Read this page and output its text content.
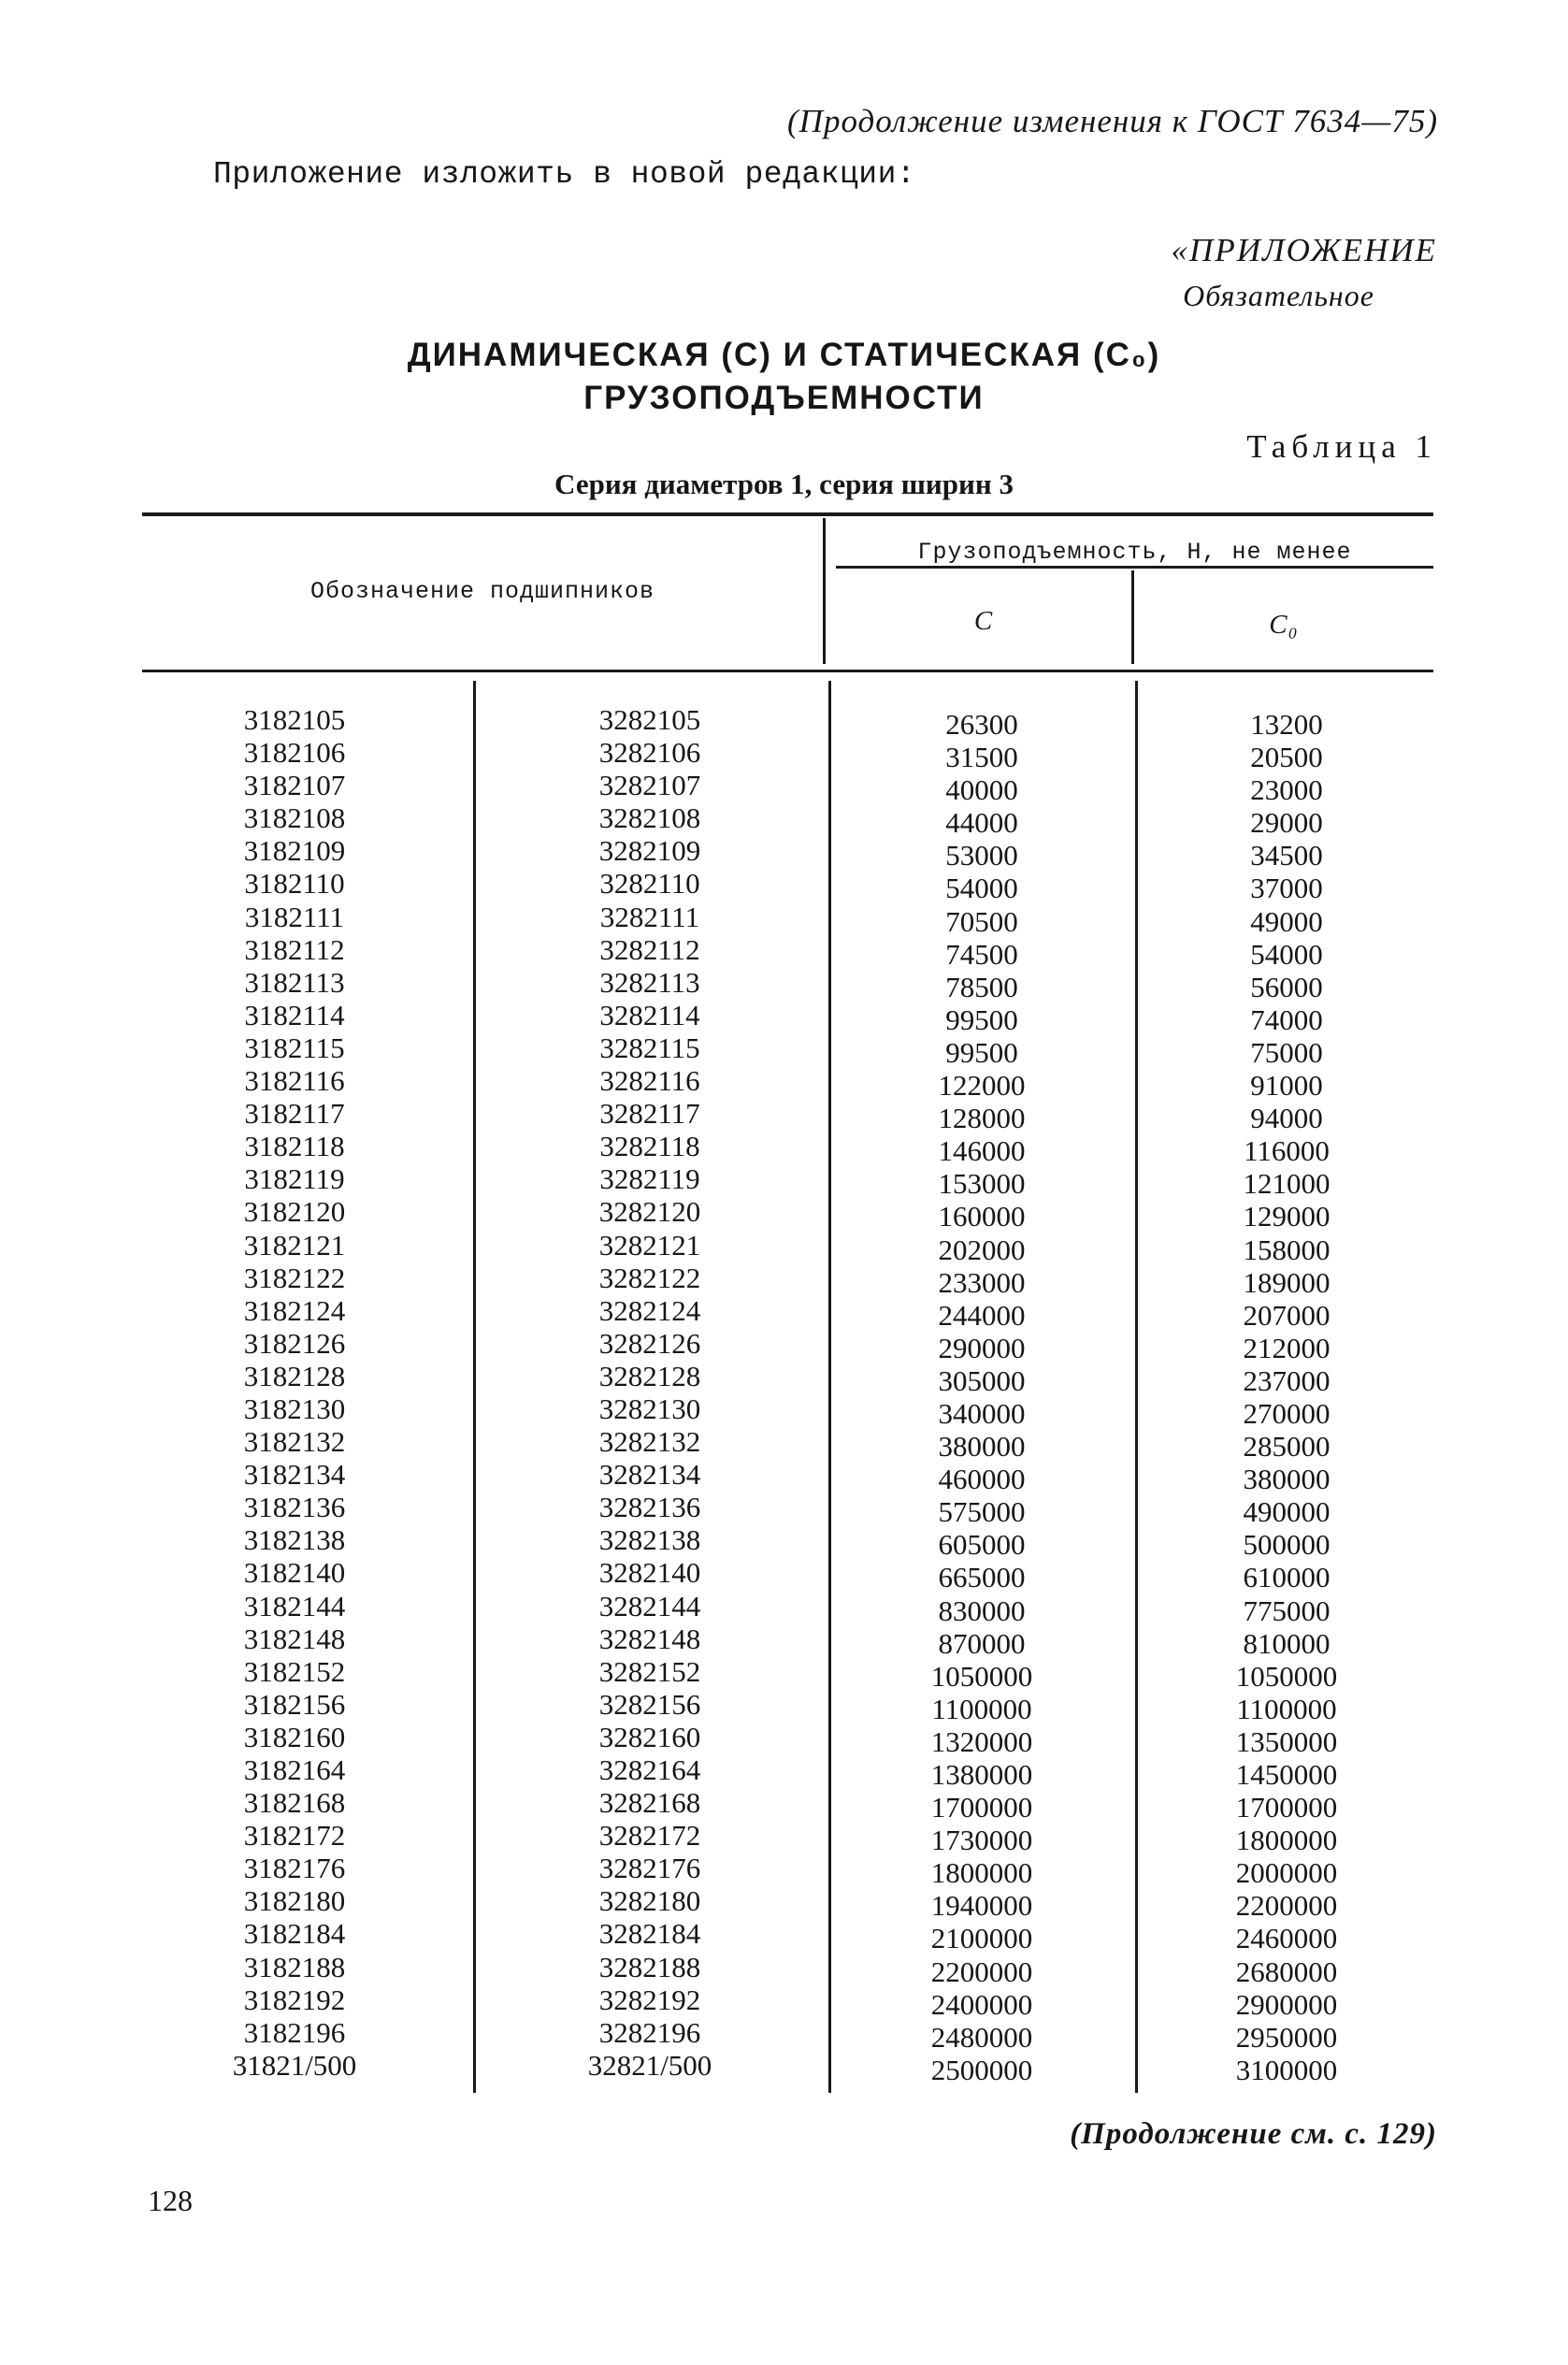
(Продолжение изменения к ГОСТ 7634—75)
Приложение изложить в новой редакции:
«ПРИЛОЖЕНИЕ
Обязательное
ДИНАМИЧЕСКАЯ (С) И СТАТИЧЕСКАЯ (С₀)
ГРУЗОПОДЪЕМНОСТИ
Таблица 1
Серия диаметров 1, серия ширин 3
Грузоподъемность, Н, не менее
Обозначение подшипников
C	C₀
3182105
3182106
3182107
3182108
3182109
3182110
3182111
3182112
3182113
3182114
3182115
3182116
3182117
3182118
3182119
3182120
3182121
3182122
3182124
3182126
3182128
3182130
3182132
3182134
3182136
3182138
3182140
3182144
3182148
3182152
3182156
3182160
3182164
3182168
3182172
3182176
3182180
3182184
3182188
3182192
3182196
31821/500
3282105
3282106
3282107
3282108
3282109
3282110
3282111
3282112
3282113
3282114
3282115
3282116
3282117
3282118
3282119
3282120
3282121
3282122
3282124
3282126
3282128
3282130
3282132
3282134
3282136
3282138
3282140
3282144
3282148
3282152
3282156
3282160
3282164
3282168
3282172
3282176
3282180
3282184
3282188
3282192
3282196
32821/500
26300
31500
40000
44000
53000
54000
70500
74500
78500
99500
99500
122000
128000
146000
153000
160000
202000
233000
244000
290000
305000
340000
380000
460000
575000
605000
665000
830000
870000
1050000
1100000
1320000
1380000
1700000
1730000
1800000
1940000
2100000
2200000
2400000
2480000
2500000
13200
20500
23000
29000
34500
37000
49000
54000
56000
74000
75000
91000
94000
116000
121000
129000
158000
189000
207000
212000
237000
270000
285000
380000
490000
500000
610000
775000
810000
1050000
1100000
1350000
1450000
1700000
1800000
2000000
2200000
2460000
2680000
2900000
2950000
3100000
(Продолжение см. с. 129)
128
